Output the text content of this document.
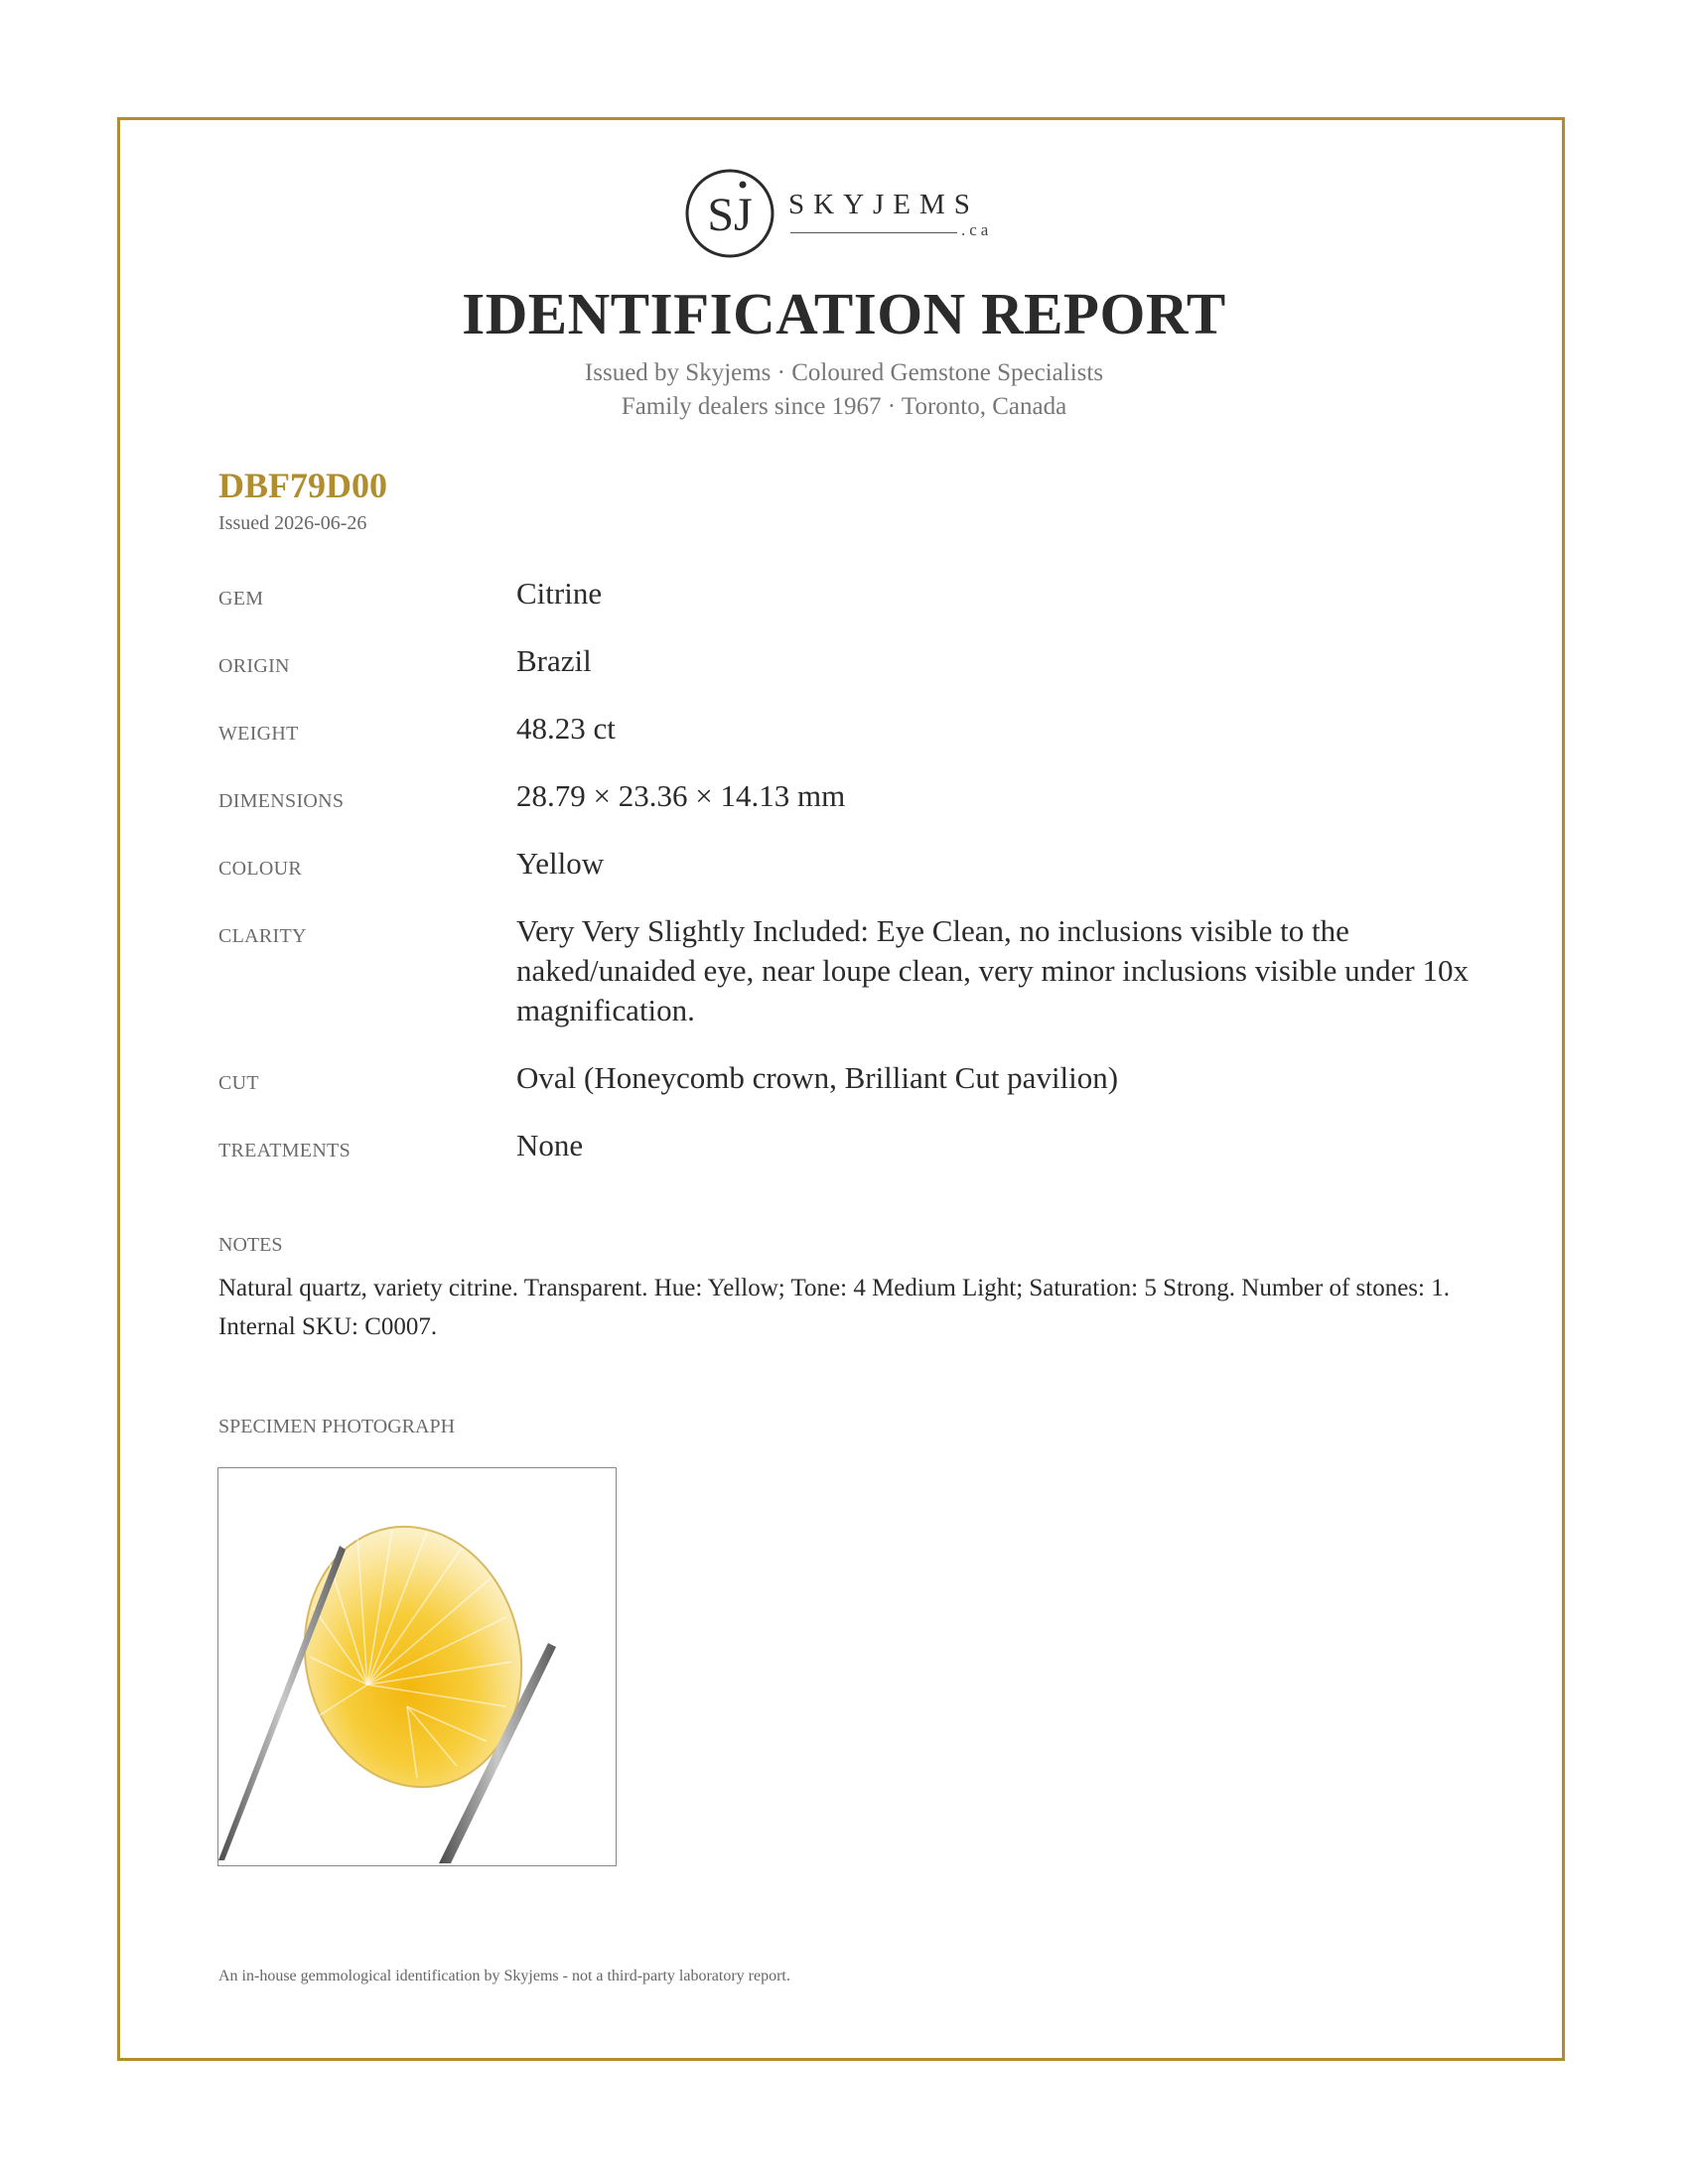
SJ SKYJEMS
.ca
IDENTIFICATION REPORT
Issued by Skyjems · Coloured Gemstone Specialists
Family dealers since 1967 · Toronto, Canada
DBF79D00
Issued 2026-06-26
GEM	Citrine
ORIGIN	Brazil
WEIGHT	48.23 ct
DIMENSIONS	28.79 × 23.36 × 14.13 mm
COLOUR	Yellow
CLARITY	Very Very Slightly Included: Eye Clean, no inclusions visible to the naked/unaided eye, near loupe clean, very minor inclusions visible under 10x magnification.
CUT	Oval (Honeycomb crown, Brilliant Cut pavilion)
TREATMENTS	None
NOTES
Natural quartz, variety citrine. Transparent. Hue: Yellow; Tone: 4 Medium Light; Saturation: 5 Strong. Number of stones: 1. Internal SKU: C0007.
SPECIMEN PHOTOGRAPH
An in-house gemmological identification by Skyjems - not a third-party laboratory report.
